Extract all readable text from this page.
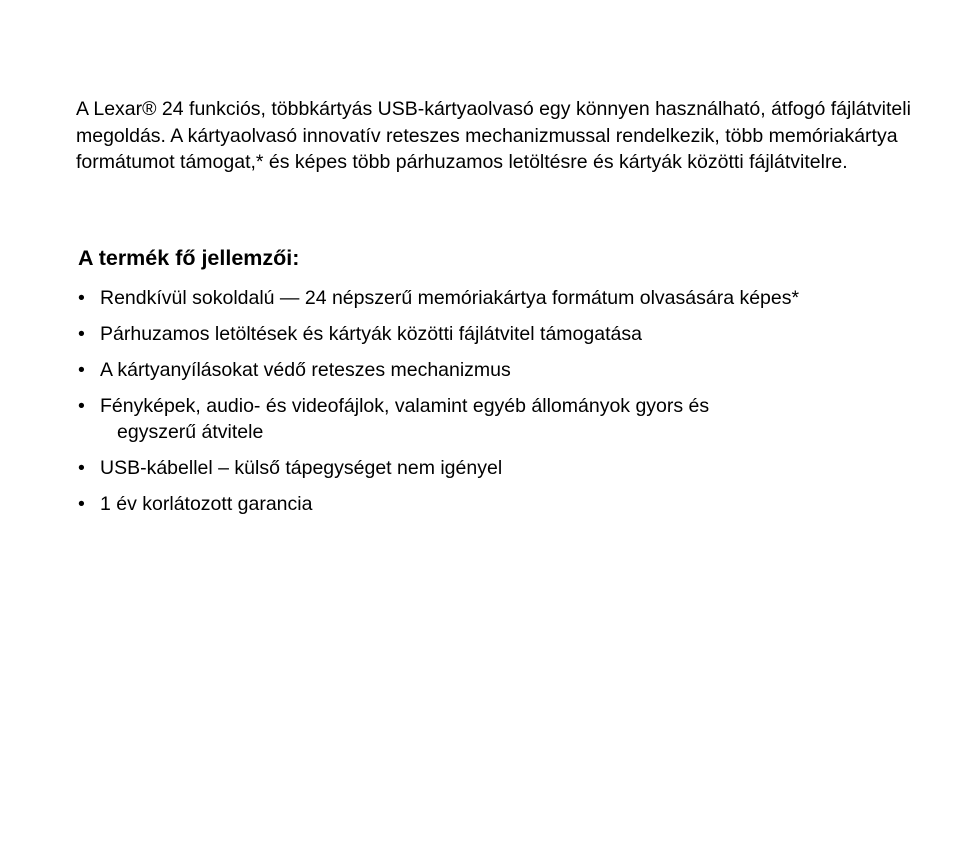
A Lexar® 24 funkciós, többkártyás USB-kártyaolvasó egy könnyen használható, átfogó fájlátviteli megoldás. A kártyaolvasó innovatív reteszes mechanizmussal rendelkezik, több memóriakártya formátumot támogat,* és képes több párhuzamos letöltésre és kártyák közötti fájlátvitelre.

A termék fő jellemzői:
• Rendkívül sokoldalú — 24 népszerű memóriakártya formátum olvasására képes*
• Párhuzamos letöltések és kártyák közötti fájlátvitel támogatása
• A kártyanyílásokat védő reteszes mechanizmus
• Fényképek, audio- és videofájlok, valamint egyéb állományok gyors és
egyszerű átvitele
• USB-kábellel – külső tápegységet nem igényel
• 1 év korlátozott garancia
